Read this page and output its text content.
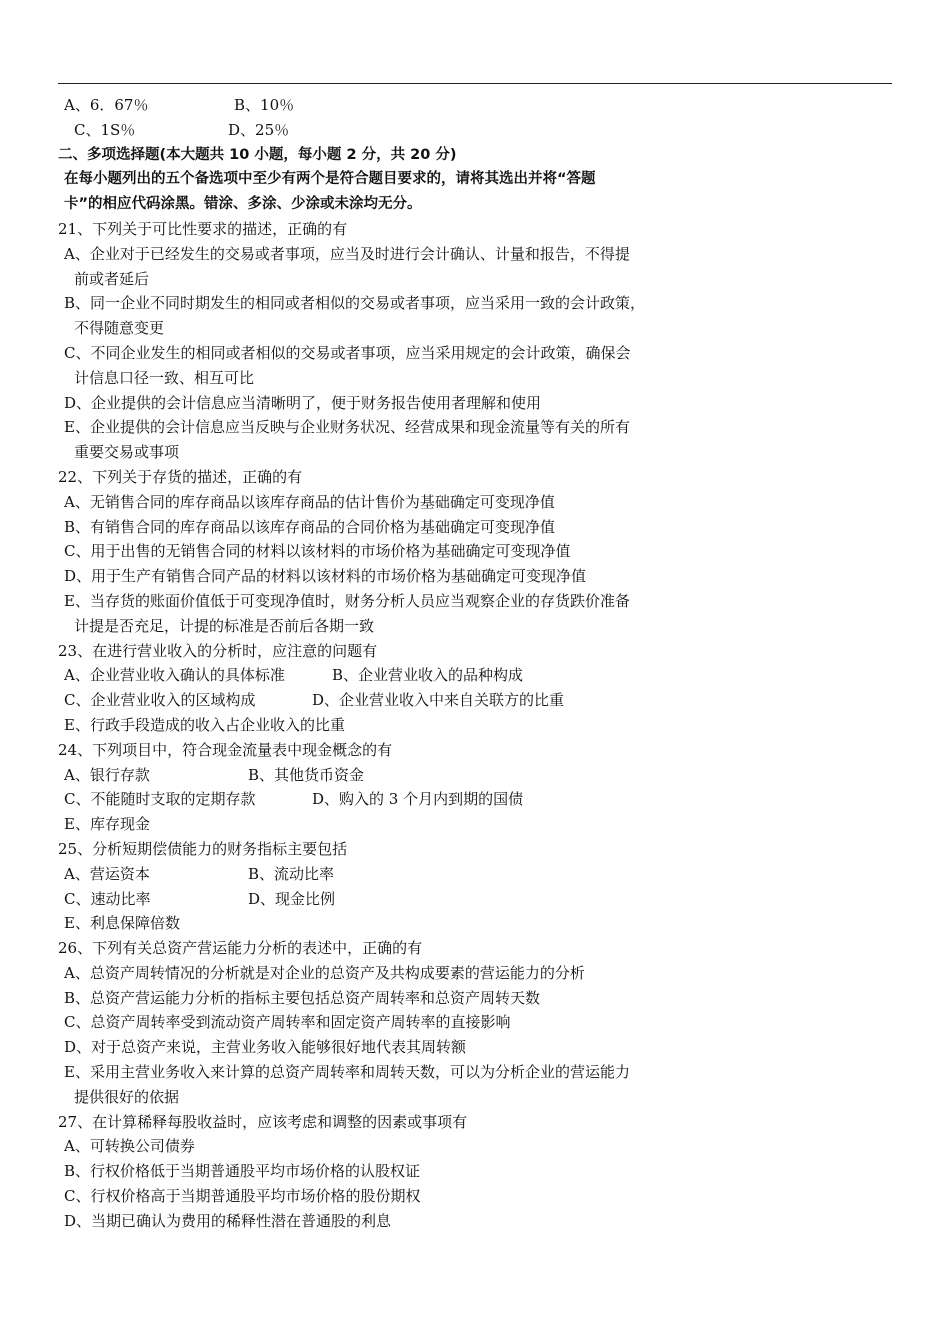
A、6．67％	B、10％
C、1S％	D、25％
二、多项选择题(本大题共 10 小题，每小题 2 分，共 20 分)
在每小题列出的五个备选项中至少有两个是符合题目要求的，请将其选出并将“答题
卡”的相应代码涂黑。错涂、多涂、少涂或未涂均无分。
21、下列关于可比性要求的描述，正确的有
A、企业对于已经发生的交易或者事项，应当及时进行会计确认、计量和报告，不得提
前或者延后
B、同一企业不同时期发生的相同或者相似的交易或者事项，应当采用一致的会计政策，
不得随意变更
C、不同企业发生的相同或者相似的交易或者事项，应当采用规定的会计政策，确保会
计信息口径一致、相互可比
D、企业提供的会计信息应当清晰明了，便于财务报告使用者理解和使用
E、企业提供的会计信息应当反映与企业财务状况、经营成果和现金流量等有关的所有
重要交易或事项
22、下列关于存货的描述，正确的有
A、无销售合同的库存商品以该库存商品的估计售价为基础确定可变现净值
B、有销售合同的库存商品以该库存商品的合同价格为基础确定可变现净值
C、用于出售的无销售合同的材料以该材料的市场价格为基础确定可变现净值
D、用于生产有销售合同产品的材料以该材料的市场价格为基础确定可变现净值
E、当存货的账面价值低于可变现净值时，财务分析人员应当观察企业的存货跌价准备
计提是否充足，计提的标准是否前后各期一致
23、在进行营业收入的分析时，应注意的问题有
A、企业营业收入确认的具体标准	B、企业营业收入的品种构成
C、企业营业收入的区域构成	D、企业营业收入中来自关联方的比重
E、行政手段造成的收入占企业收入的比重
24、下列项目中，符合现金流量表中现金概念的有
A、银行存款	B、其他货币资金
C、不能随时支取的定期存款	D、购入的 3 个月内到期的国债
E、库存现金
25、分析短期偿债能力的财务指标主要包括
A、营运资本	B、流动比率
C、速动比率	D、现金比例
E、利息保障倍数
26、下列有关总资产营运能力分析的表述中，正确的有
A、总资产周转情况的分析就是对企业的总资产及共构成要素的营运能力的分析
B、总资产营运能力分析的指标主要包括总资产周转率和总资产周转天数
C、总资产周转率受到流动资产周转率和固定资产周转率的直接影响
D、对于总资产来说，主营业务收入能够很好地代表其周转额
E、采用主营业务收入来计算的总资产周转率和周转天数，可以为分析企业的营运能力
提供很好的依据
27、在计算稀释每股收益时，应该考虑和调整的因素或事项有
A、可转换公司债券
B、行权价格低于当期普通股平均市场价格的认股权证
C、行权价格高于当期普通股平均市场价格的股份期权
D、当期已确认为费用的稀释性潜在普通股的利息
